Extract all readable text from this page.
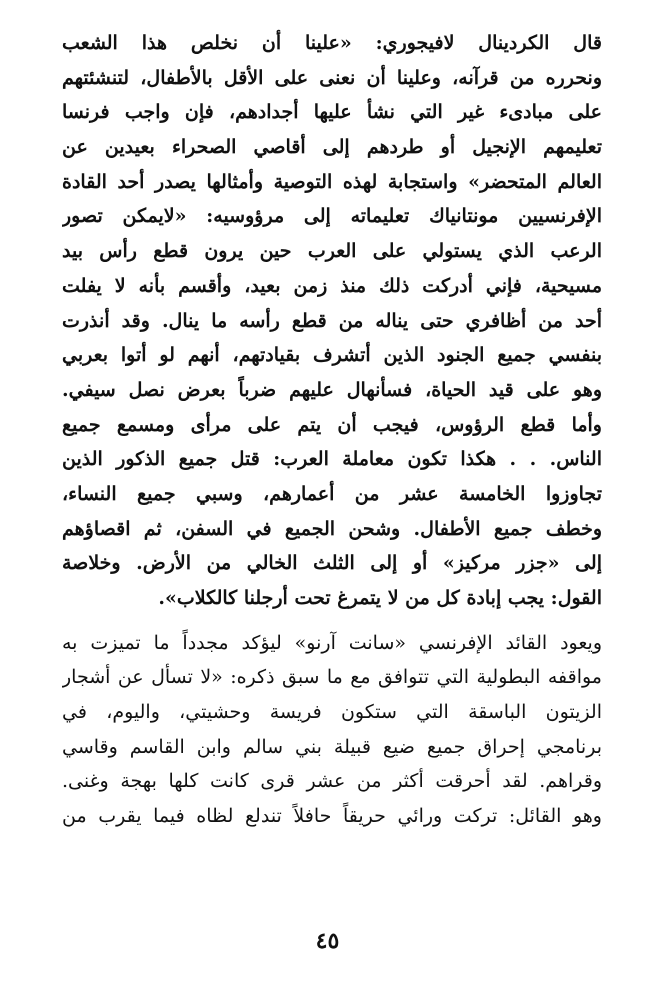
قال الكردينال لافيجوري: «علينا أن نخلص هذا الشعب
ونحرره من قرآنه، وعلينا أن نعنى على الأقل بالأطفال، لتنشئتهم
على مبادىء غير التي نشأ عليها أجدادهم، فإن واجب فرنسا
تعليمهم الإنجيل أو طردهم إلى أقاصي الصحراء بعيدين عن
العالم المتحضر» واستجابة لهذه التوصية وأمثالها يصدر أحد القادة
الإفرنسيين مونتانياك تعليماته إلى مرؤوسيه: «لايمكن تصور
الرعب الذي يستولي على العرب حين يرون قطع رأس بيد
مسيحية، فإني أدركت ذلك منذ زمن بعيد، وأقسم بأنه لا يفلت
أحد من أظافري حتى يناله من قطع رأسه ما ينال. وقد أنذرت
بنفسي جميع الجنود الذين أتشرف بقيادتهم، أنهم لو أتوا بعربي
وهو على قيد الحياة، فسأنهال عليهم ضرباً بعرض نصل سيفي.
وأما قطع الرؤوس، فيجب أن يتم على مرأى ومسمع جميع
الناس. . . هكذا تكون معاملة العرب: قتل جميع الذكور الذين
تجاوزوا الخامسة عشر من أعمارهم، وسبي جميع النساء،
وخطف جميع الأطفال. وشحن الجميع في السفن، ثم اقصاؤهم
إلى «جزر مركيز» أو إلى الثلث الخالي من الأرض. وخلاصة
القول: يجب إبادة كل من لا يتمرغ تحت أرجلنا كالكلاب».

ويعود القائد الإفرنسي «سانت آرنو» ليؤكد مجدداً ما تميزت به
مواقفه البطولية التي تتوافق مع ما سبق ذكره: «لا تسأل عن أشجار
الزيتون الباسقة التي ستكون فريسة وحشيتي، واليوم، في
برنامجي إحراق جميع ضيع قبيلة بني سالم وابن القاسم وقاسي
وقراهم. لقد أحرقت أكثر من عشر قرى كانت كلها بهجة وغنى.
وهو القائل: تركت ورائي حريقاً حافلاً تندلع لظاه فيما يقرب من

٤٥
